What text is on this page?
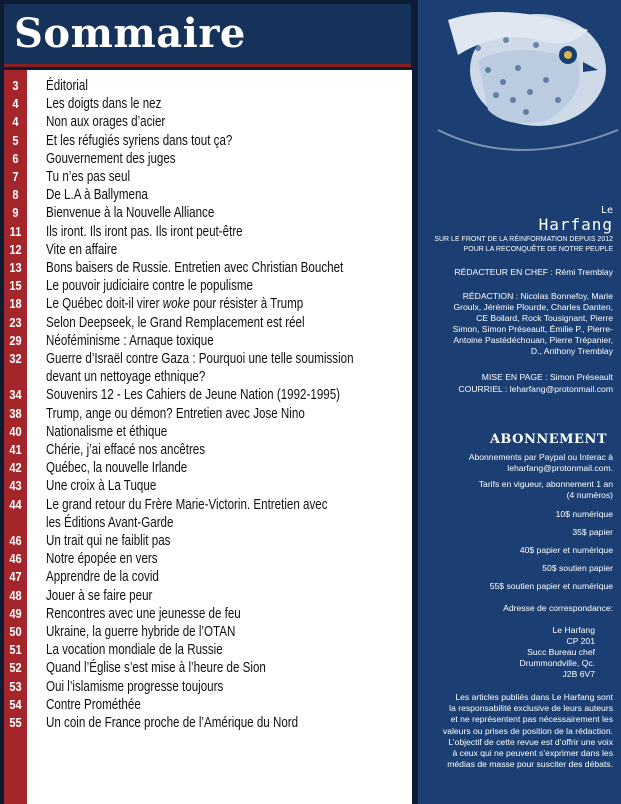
Sommaire
3	Éditorial
4	Les doigts dans le nez
4	Non aux orages d’acier
5	Et les réfugiés syriens dans tout ça?
6	Gouvernement des juges
7	Tu n’es pas seul
8	De L.A à Ballymena
9	Bienvenue à la Nouvelle Alliance
11 Ils iront. Ils iront pas. Ils iront peut-être
12 Vite en affaire
13 Bons baisers de Russie. Entretien avec Christian Bouchet
15 Le pouvoir judiciaire contre le populisme
18 Le Québec doit-il virer woke pour résister à Trump
23 Selon Deepseek, le Grand Remplacement est réel
29 Néoféminisme : Arnaque toxique
32 Guerre d’Israël contre Gaza : Pourquoi une telle soumission
devant un nettoyage ethnique?
34 Souvenirs 12 - Les Cahiers de Jeune Nation (1992-1995)
38 Trump, ange ou démon? Entretien avec Jose Nino
40 Nationalisme et éthique
41 Chérie, j’ai effacé nos ancêtres
42 Québec, la nouvelle Irlande
43 Une croix à La Tuque
44 Le grand retour du Frère Marie-Victorin. Entretien avec
les Éditions Avant-Garde
46 Un trait qui ne faiblit pas
46 Notre épopée en vers
47 Apprendre de la covid
48 Jouer à se faire peur
49 Rencontres avec une jeunesse de feu
50 Ukraine, la guerre hybride de l’OTAN
51 La vocation mondiale de la Russie
52 Quand l’Église s’est mise à l’heure de Sion
53 Oui l’islamisme progresse toujours
54 Contre Prométhée
55 Un coin de France proche de l’Amérique du Nord
Le
Harfang
SUR LE FRONT DE LA RÉINFORMATION DEPUIS 2012
POUR LA RECONQUÊTE DE NOTRE PEUPLE
RÉDACTEUR EN CHEF : Rémi Tremblay
RÉDACTION : Nicolas Bonnefoy, Marie
Groulx, Jérémie Plourde, Charles Danten,
CE Boilard, Rock Tousignant, Pierre
Simon, Simon Préseault, Émilie P., Pierre-
Antoine Pastédéchouan, Pierre Trépanier,
D., Anthony Tremblay
MISE EN PAGE : Simon Préseault
COURRIEL : leharfang@protonmail.com
ABONNEMENT
Abonnements par Paypal ou Interac à
leharfang@protonmail.com.
Tarifs en vigueur, abonnement 1 an
(4 numéros)
10$ numérique
35$ papier
40$ papier et numérique
50$ soutien papier
55$ soutien papier et numérique
Adresse de correspondance:
Le Harfang
CP 201
Succ Bureau chef
Drummondville, Qc.
J2B 6V7
Les articles publiés dans Le Harfang sont
la responsabilité exclusive de leurs auteurs
et ne représentent pas nécessairement les
valeurs ou prises de position de la rédaction.
L’objectif de cette revue est d’offrir une voix
à ceux qui ne peuvent s’exprimer dans les
médias de masse pour susciter des débats.
